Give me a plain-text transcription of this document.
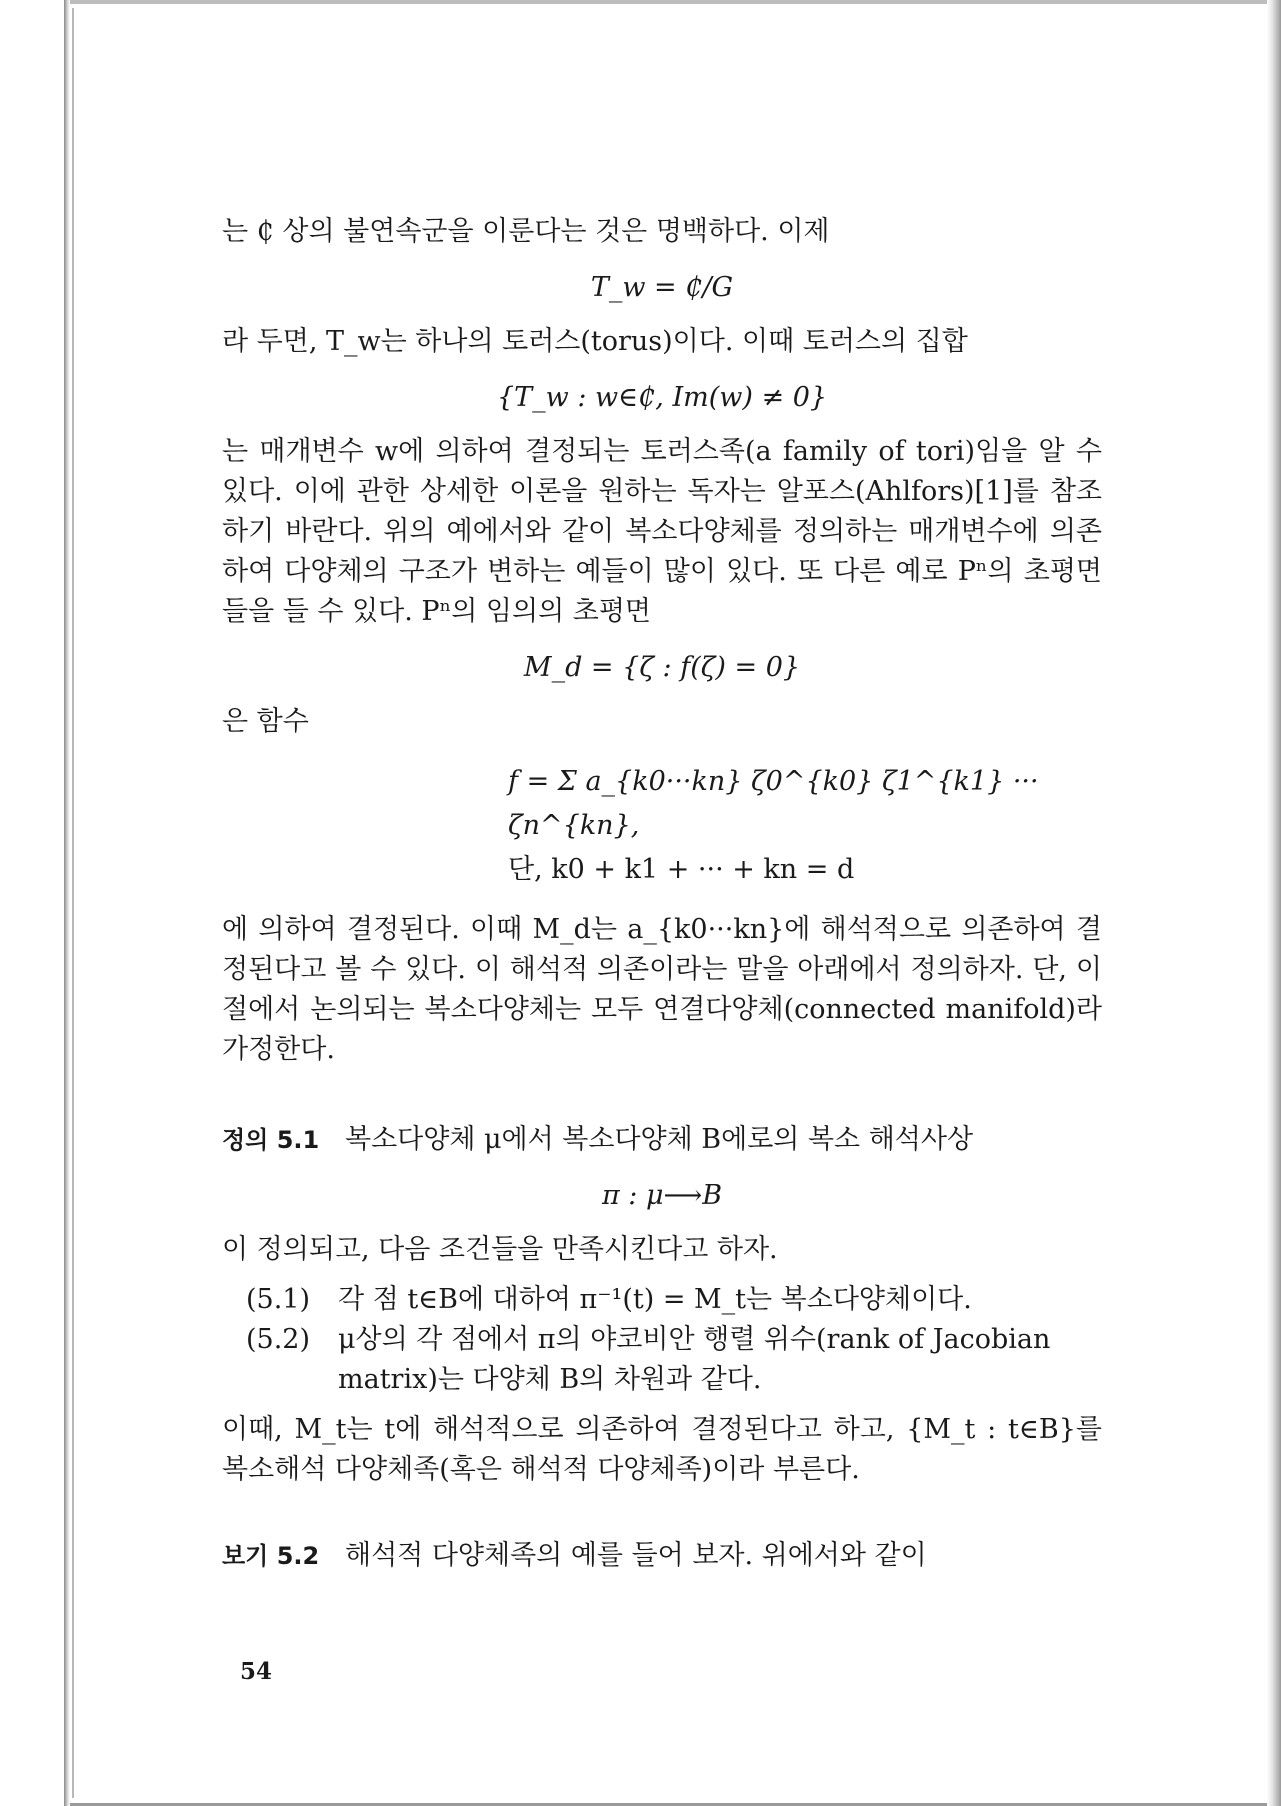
는 ₵ 상의 불연속군을 이룬다는 것은 명백하다. 이제

T_w = ₵/G

라 두면, T_w는 하나의 토러스(torus)이다. 이때 토러스의 집합

{T_w : w∈₵, Im(w) ≠ 0}

는 매개변수 w에 의하여 결정되는 토러스족(a family of tori)임을 알 수 있다. 이에 관한 상세한 이론을 원하는 독자는 알포스(Ahlfors)[1]를 참조하기 바란다. 위의 예에서와 같이 복소다양체를 정의하는 매개변수에 의존하여 다양체의 구조가 변하는 예들이 많이 있다. 또 다른 예로 Pⁿ의 초평면들을 들 수 있다. Pⁿ의 임의의 초평면

M_d = {ζ : f(ζ) = 0}

은 함수

f = Σ a_{k0···kn} ζ0^{k0} ζ1^{k1} ··· ζn^{kn},
단, k0 + k1 + ··· + kn = d

에 의하여 결정된다. 이때 M_d는 a_{k0···kn}에 해석적으로 의존하여 결정된다고 볼 수 있다. 이 해석적 의존이라는 말을 아래에서 정의하자. 단, 이 절에서 논의되는 복소다양체는 모두 연결다양체(connected manifold)라 가정한다.

정의 5.1 복소다양체 μ에서 복소다양체 B에로의 복소 해석사상

π : μ⟶B

이 정의되고, 다음 조건들을 만족시킨다고 하자.

(5.1)	각 점 t∈B에 대하여 π⁻¹(t) = M_t는 복소다양체이다.
(5.2)	μ상의 각 점에서 π의 야코비안 행렬 위수(rank of Jacobian matrix)는 다양체 B의 차원과 같다.

이때, M_t는 t에 해석적으로 의존하여 결정된다고 하고, {M_t : t∈B}를 복소해석 다양체족(혹은 해석적 다양체족)이라 부른다.

보기 5.2 해석적 다양체족의 예를 들어 보자. 위에서와 같이

54
